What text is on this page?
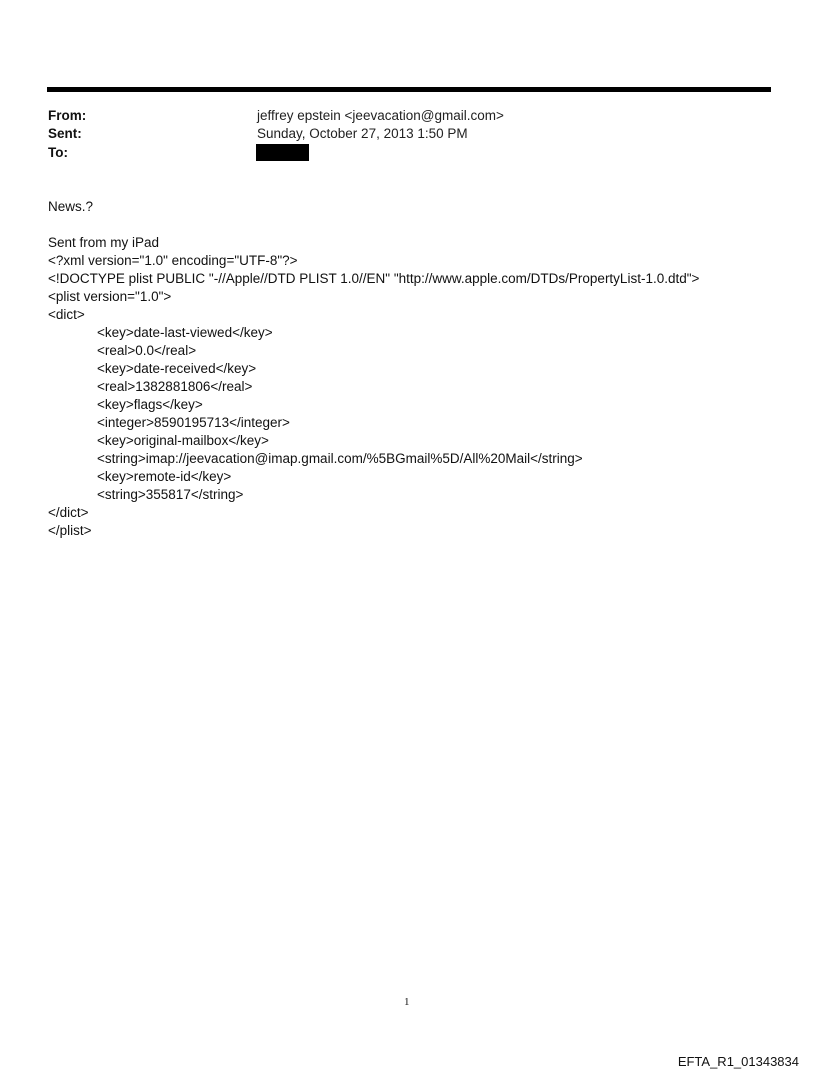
From:	jeffrey epstein <jeevacation@gmail.com>
Sent:	Sunday, October 27, 2013 1:50 PM
To:
News.?
Sent from my iPad
<?xml version="1.0" encoding="UTF-8"?>
<!DOCTYPE plist PUBLIC "-//Apple//DTD PLIST 1.0//EN" "http://www.apple.com/DTDs/PropertyList-1.0.dtd">
<plist version="1.0">
<dict>
<key>date-last-viewed</key>
<real>0.0</real>
<key>date-received</key>
<real>1382881806</real>
<key>flags</key>
<integer>8590195713</integer>
<key>original-mailbox</key>
<string>imap://jeevacation@imap.gmail.com/%5BGmail%5D/All%20Mail</string>
<key>remote-id</key>
<string>355817</string>
</dict>
</plist>
1
EFTA_R1_01343834
